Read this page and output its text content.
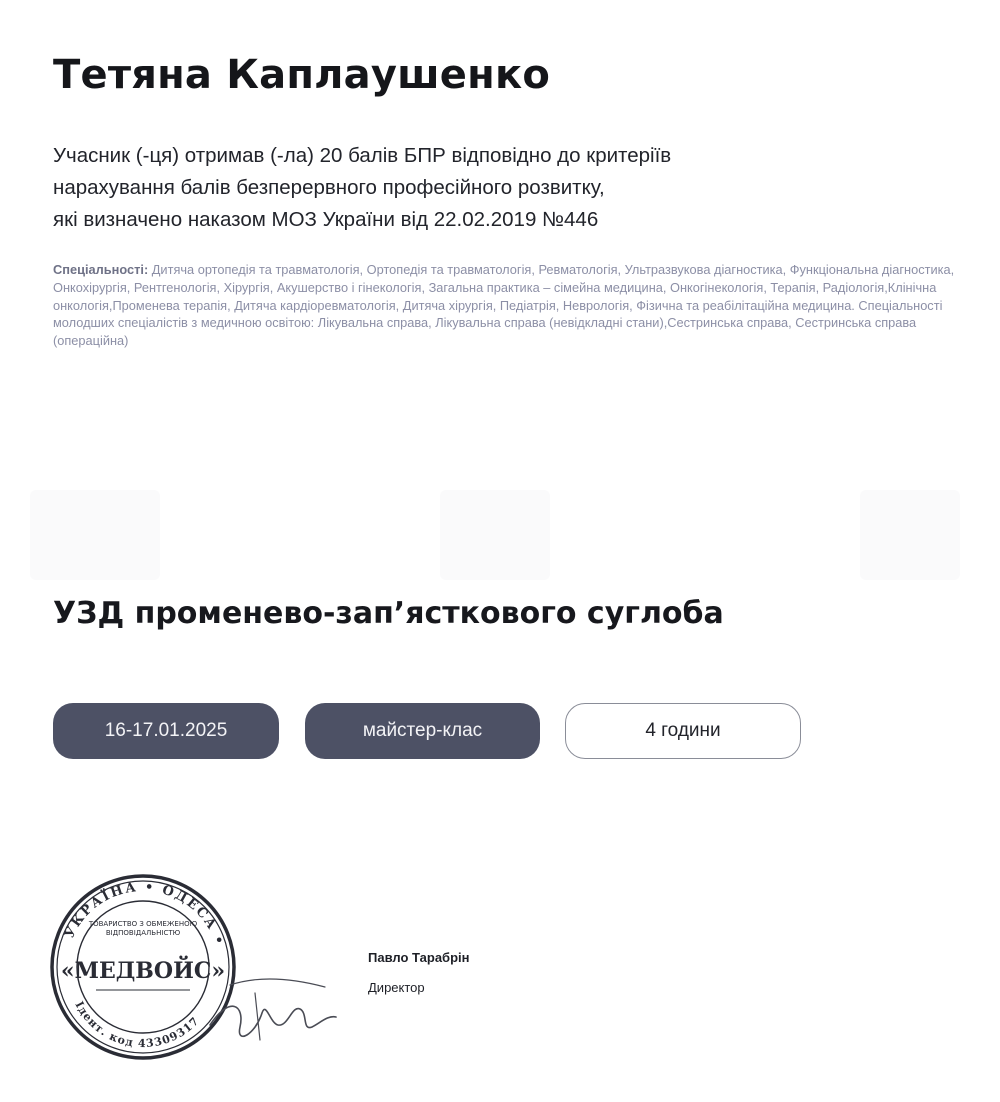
Тетяна Каплаушенко
Учасник (-ця) отримав (-ла) 20 балів БПР відповідно до критеріїв
нарахування балів безперервного професійного розвитку,
які визначено наказом МОЗ України від 22.02.2019 №446
Спеціальності: Дитяча ортопедія та травматологія, Ортопедія та травматологія, Ревматологія, Ультразвукова діагностика, Функціональна діагностика, Онкохірургія, Рентгенологія, Хірургія, Акушерство і гінекологія, Загальна практика – сімейна медицина, Онкогінекологія, Терапія, Радіологія,Клінічна онкологія,Променева терапія, Дитяча кардіоревматологія, Дитяча хірургія, Педіатрія, Неврологія, Фізична та реабілітаційна медицина. Спеціальності молодших спеціалістів з медичною освітою: Лікувальна справа, Лікувальна справа (невідкладні стани),Сестринська справа, Сестринська справа (операційна)
УЗД променево-зап’ясткового суглоба
16-17.01.2025	майстер-клас	4 години
УКРАЇНА • ОДЕСА •
Ідент. код 43309317
ТОВАРИСТВО З ОБМЕЖЕНОЮ ВІДПОВІДАЛЬНІСТЮ
«МЕДВОЙС»
Павло Тарабрін
Директор
